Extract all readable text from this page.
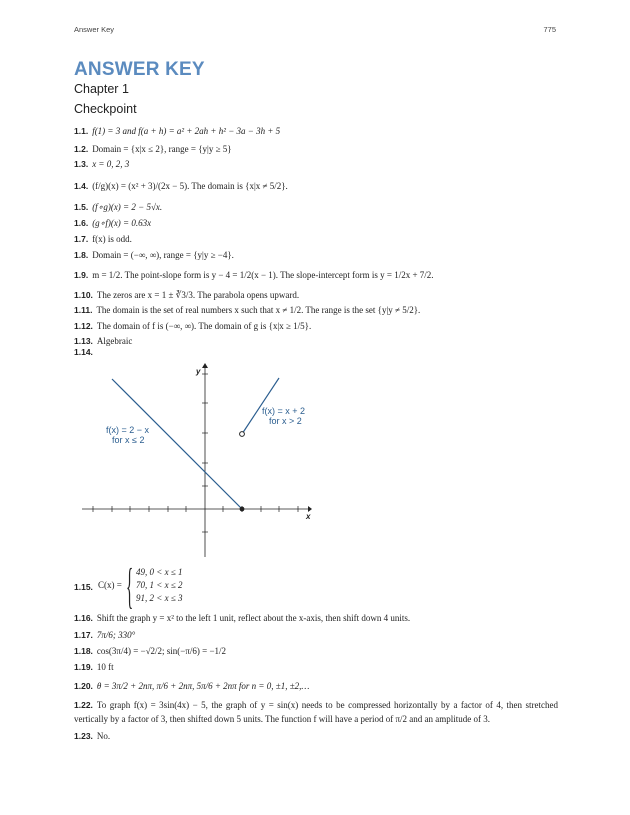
Answer Key	775
ANSWER KEY
Chapter 1
Checkpoint
1.1. f(1) = 3 and f(a + h) = a² + 2ah + h² − 3a − 3h + 5
1.2. Domain = {x|x ≤ 2}, range = {y|y ≥ 5}
1.3. x = 0, 2, 3
1.4. (f/g)(x) = (x² + 3)/(2x − 5). The domain is {x|x ≠ 5/2}.
1.5. (f∘g)(x) = 2 − 5√x.
1.6. (g∘f)(x) = 0.63x
1.7. f(x) is odd.
1.8. Domain = (−∞, ∞), range = {y|y ≥ −4}.
1.9. m = 1/2. The point-slope form is y − 4 = 1/2(x − 1). The slope-intercept form is y = 1/2x + 7/2.
1.10. The zeros are x = 1 ± ∛3/3. The parabola opens upward.
1.11. The domain is the set of real numbers x such that x ≠ 1/2. The range is the set {y|y ≠ 5/2}.
1.12. The domain of f is (−∞, ∞). The domain of g is {x|x ≥ 1/5}.
1.13. Algebraic
1.14.
x
y
f(x) = 2 − x
for x ≤ 2
f(x) = x + 2
for x > 2
1.15. C(x) = { 49, 0 < x ≤ 1
70, 1 < x ≤ 2
91, 2 < x ≤ 3
1.16. Shift the graph y = x² to the left 1 unit, reflect about the x-axis, then shift down 4 units.
1.17. 7π/6; 330°
1.18. cos(3π/4) = −√2/2; sin(−π/6) = −1/2
1.19. 10 ft
1.20. θ = 3π/2 + 2nπ, π/6 + 2nπ, 5π/6 + 2nπ for n = 0, ±1, ±2,…
1.22. To graph f(x) = 3sin(4x) − 5, the graph of y = sin(x) needs to be compressed horizontally by a factor of 4, then stretched vertically by a factor of 3, then shifted down 5 units. The function f will have a period of π/2 and an amplitude of 3.
1.23. No.
